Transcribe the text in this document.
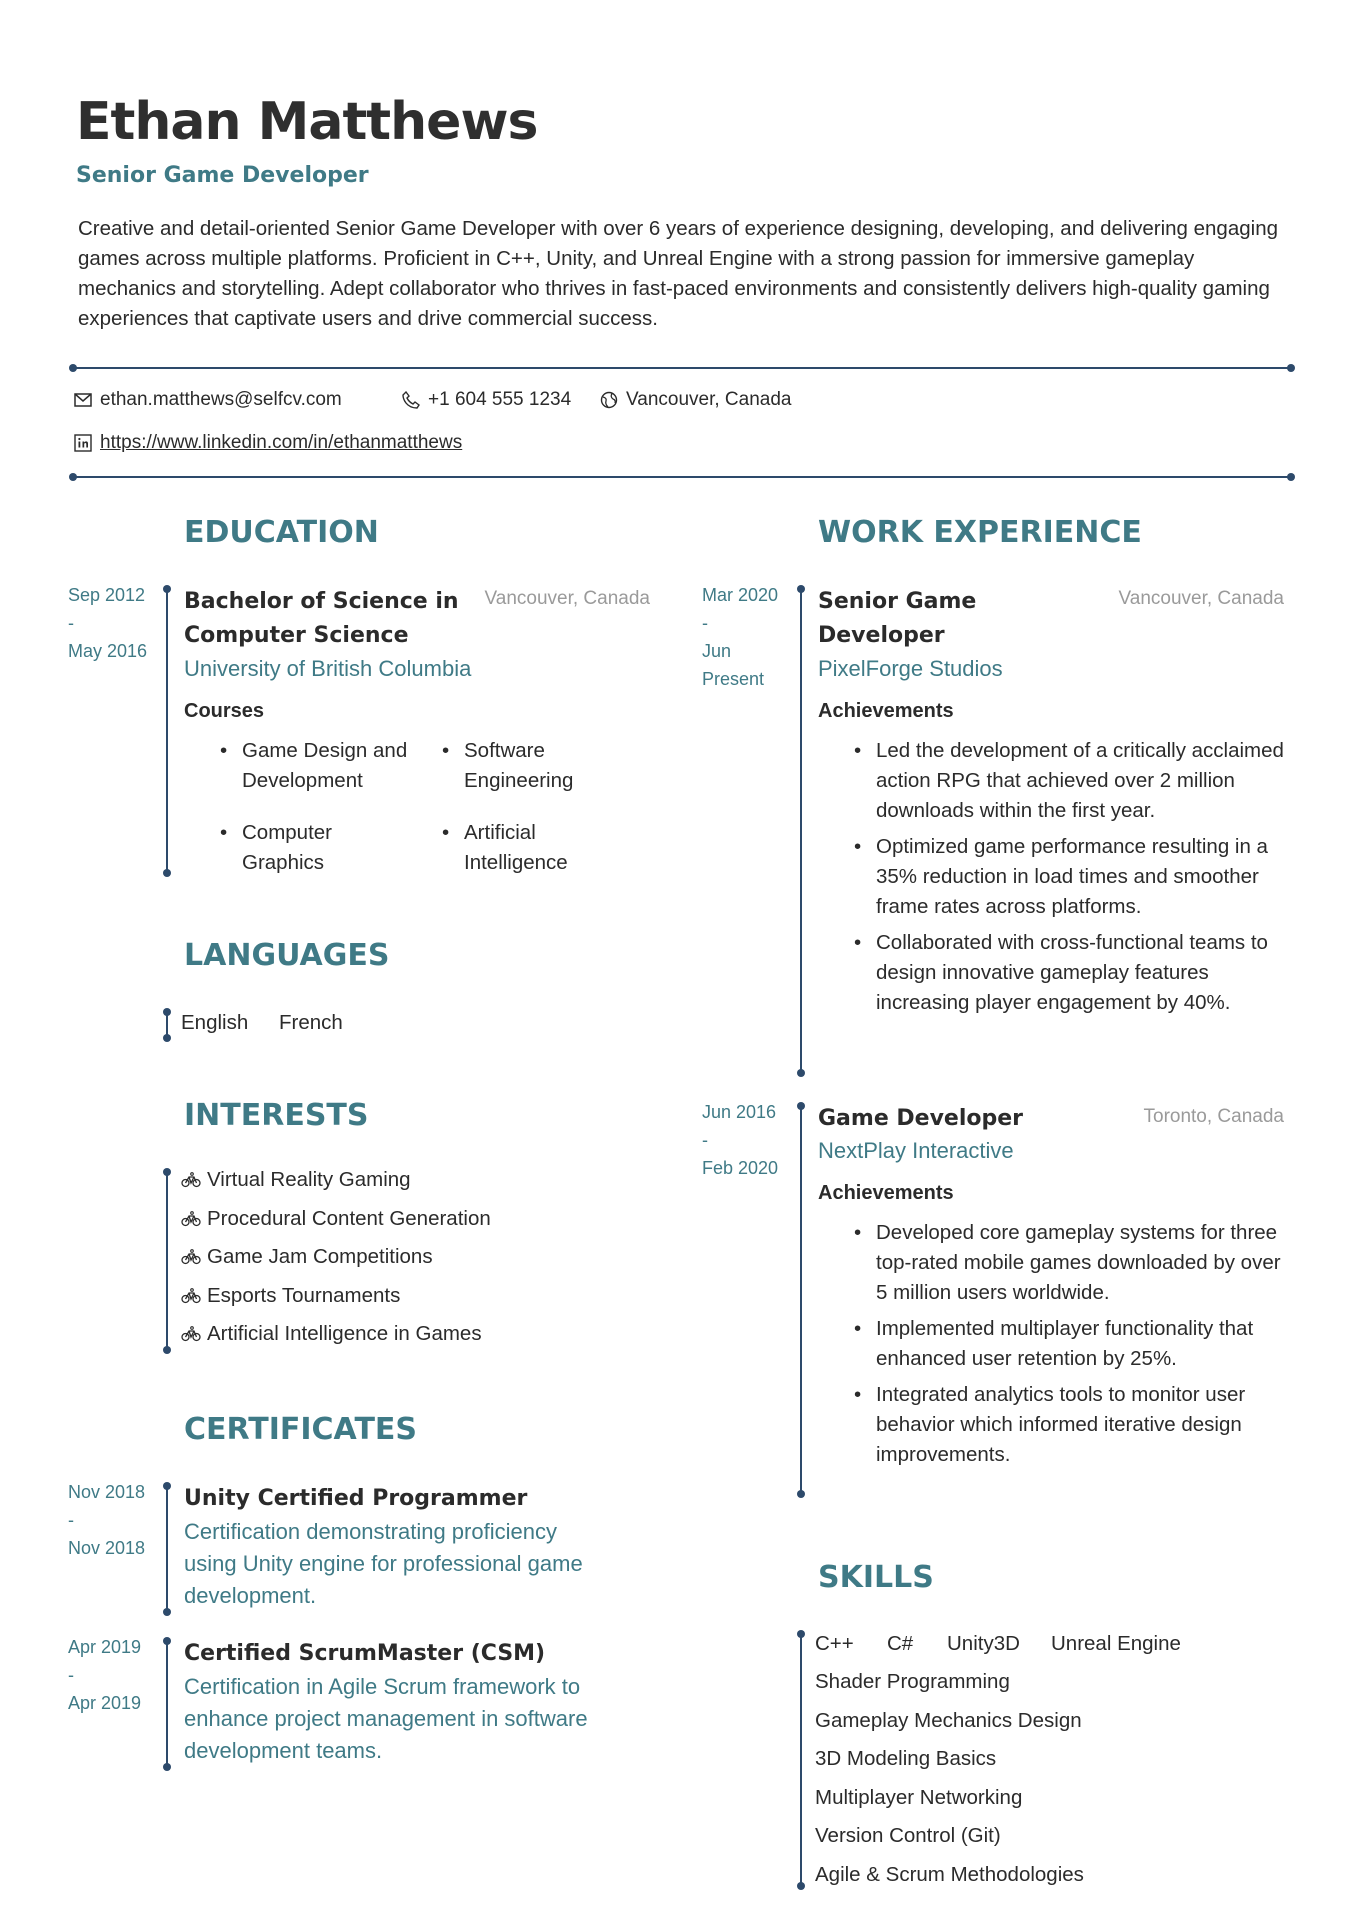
Ethan Matthews
Senior Game Developer
Creative and detail-oriented Senior Game Developer with over 6 years of experience designing, developing, and delivering engaging games across multiple platforms. Proficient in C++, Unity, and Unreal Engine with a strong passion for immersive gameplay mechanics and storytelling. Adept collaborator who thrives in fast-paced environments and consistently delivers high-quality gaming experiences that captivate users and drive commercial success.
ethan.matthews@selfcv.com	+1 604 555 1234	Vancouver, Canada
https://www.linkedin.com/in/ethanmatthews
EDUCATION
Sep 2012
-
May 2016
Bachelor of Science in
Computer Science
Vancouver, Canada
University of British Columbia
Courses
• Game Design and
Development
• Software
Engineering
• Computer
Graphics
• Artificial
Intelligence
LANGUAGES
English French
INTERESTS
Virtual Reality Gaming
Procedural Content Generation
Game Jam Competitions
Esports Tournaments
Artificial Intelligence in Games
CERTIFICATES
Nov 2018
-
Nov 2018
Unity Certified Programmer
Certification demonstrating proficiency
using Unity engine for professional game
development.
Apr 2019
-
Apr 2019
Certified ScrumMaster (CSM)
Certification in Agile Scrum framework to
enhance project management in software
development teams.
WORK EXPERIENCE
Mar 2020
-
Jun
Present
Senior Game
Developer
Vancouver, Canada
PixelForge Studios
Achievements
• Led the development of a critically acclaimed action RPG that achieved over 2 million downloads within the first year.
• Optimized game performance resulting in a 35% reduction in load times and smoother frame rates across platforms.
• Collaborated with cross-functional teams to design innovative gameplay features increasing player engagement by 40%.
Jun 2016
-
Feb 2020
Game Developer	Toronto, Canada
NextPlay Interactive
Achievements
• Developed core gameplay systems for three top-rated mobile games downloaded by over 5 million users worldwide.
• Implemented multiplayer functionality that enhanced user retention by 25%.
• Integrated analytics tools to monitor user behavior which informed iterative design improvements.
SKILLS
C++ C# Unity3D Unreal Engine
Shader Programming
Gameplay Mechanics Design
3D Modeling Basics
Multiplayer Networking
Version Control (Git)
Agile & Scrum Methodologies
